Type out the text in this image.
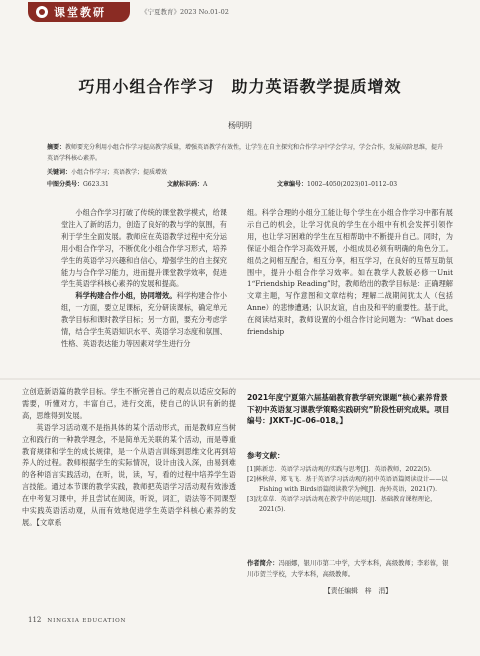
课堂教研	《宁夏教育》2023 No.01-02
巧用小组合作学习　助力英语教学提质增效
杨明明
摘要：教师要充分利用小组合作学习提高教学质量，增强英语教学有效性，让学生在自主探究和合作学习中学会学习，学会合作，发展高阶思维，提升英语学科核心素养。
关键词：小组合作学习；英语教学；提质增效
中图分类号：G623.31	文献标识码：A	文章编号：1002–4050(2023)01–0112–03

小组合作学习打破了传统的课堂教学模式，给课堂注入了新的活力，创造了良好的教与学的氛围，有利于学生全面发展。教师应在英语教学过程中充分运用小组合作学习，不断优化小组合作学习形式，培养学生的英语学习兴趣和自信心，增强学生的自主探究能力与合作学习能力，进而提升课堂教学效率，促进学生英语学科核心素养的发展和提高。

科学构建合作小组，协同增效。科学构建合作小组，一方面，要立足课标，充分研读课标，确定单元教学目标和课时教学目标；另一方面，要充分考虑学情，结合学生英语知识水平、英语学习态度和氛围、性格、英语表达能力等因素对学生进行分

组。科学合理的小组分工能让每个学生在小组合作学习中都有展示自己的机会，让学习优良的学生在小组中有机会发挥引领作用，也让学习困难的学生在互相帮助中不断提升自己。同时，为保证小组合作学习高效开展，小组成员必须有明确的角色分工。组员之间相互配合，相互分享，相互学习，在良好的互帮互助氛围中，提升小组合作学习效率。如在教学人教版必修一Unit 1“Friendship Reading”时，教师给出的教学目标是：正确理解文章主题，写作意图和文章结构；理解二战期间犹太人（包括Anne）的悲惨遭遇；认识友谊，自由及和平的重要性。基于此，在阅读结束时，教师设置的小组合作讨论问题为：“What does friendship

立创造新语篇的教学目标。学生不断完善自己的观点以适应交际的需要，听懂对方，丰富自己，进行交流，使自己的认识有新的提高，思维得到发展。

英语学习活动观不是指具体的某个活动形式，而是教师应当树立和践行的一种教学理念，不是简单无关联的某个活动，而是尊重教育规律和学生的成长规律，是一个从语言训练到思维文化再到培养人的过程。教师根据学生的实际情况，设计由浅入深，由易到难的各种语言实践活动，在听，说，读，写，看的过程中培养学生语言技能。通过本节课的教学实践，教师把英语学习活动观有效渗透在中考复习课中，并且尝试在阅读，听说，词汇，语法等不同课型中实践英语活动观，从而有效地促进学生英语学科核心素养的发展。【文章系

2021年度宁夏第六届基础教育教学研究课题“核心素养背景下初中英语复习课教学策略实践研究”阶段性研究成果。项目编号：JXKT–JC–06–018。】
参考文献：
[1]陈新忠．英语学习活动观的实践与思考[J]．英语教师，2022(5)．
[2]林秋萍，郑飞飞．基于英语学习活动观的初中英语语篇阅读设计——以 Fishing with Birds语篇阅读教学为例[J]．海外英语，2021(7)．
[3]沈草草．英语学习活动观在教学中的运用[J]．基础教育课程理论，2021(5)．
作者简介：冯丽娜，银川市第二中学，大学本科，高级教师；李彩蓉，银川市贺兰学校，大学本科，高级教师。
【责任编辑　梓　涓】
112 NINGXIA EDUCATION
